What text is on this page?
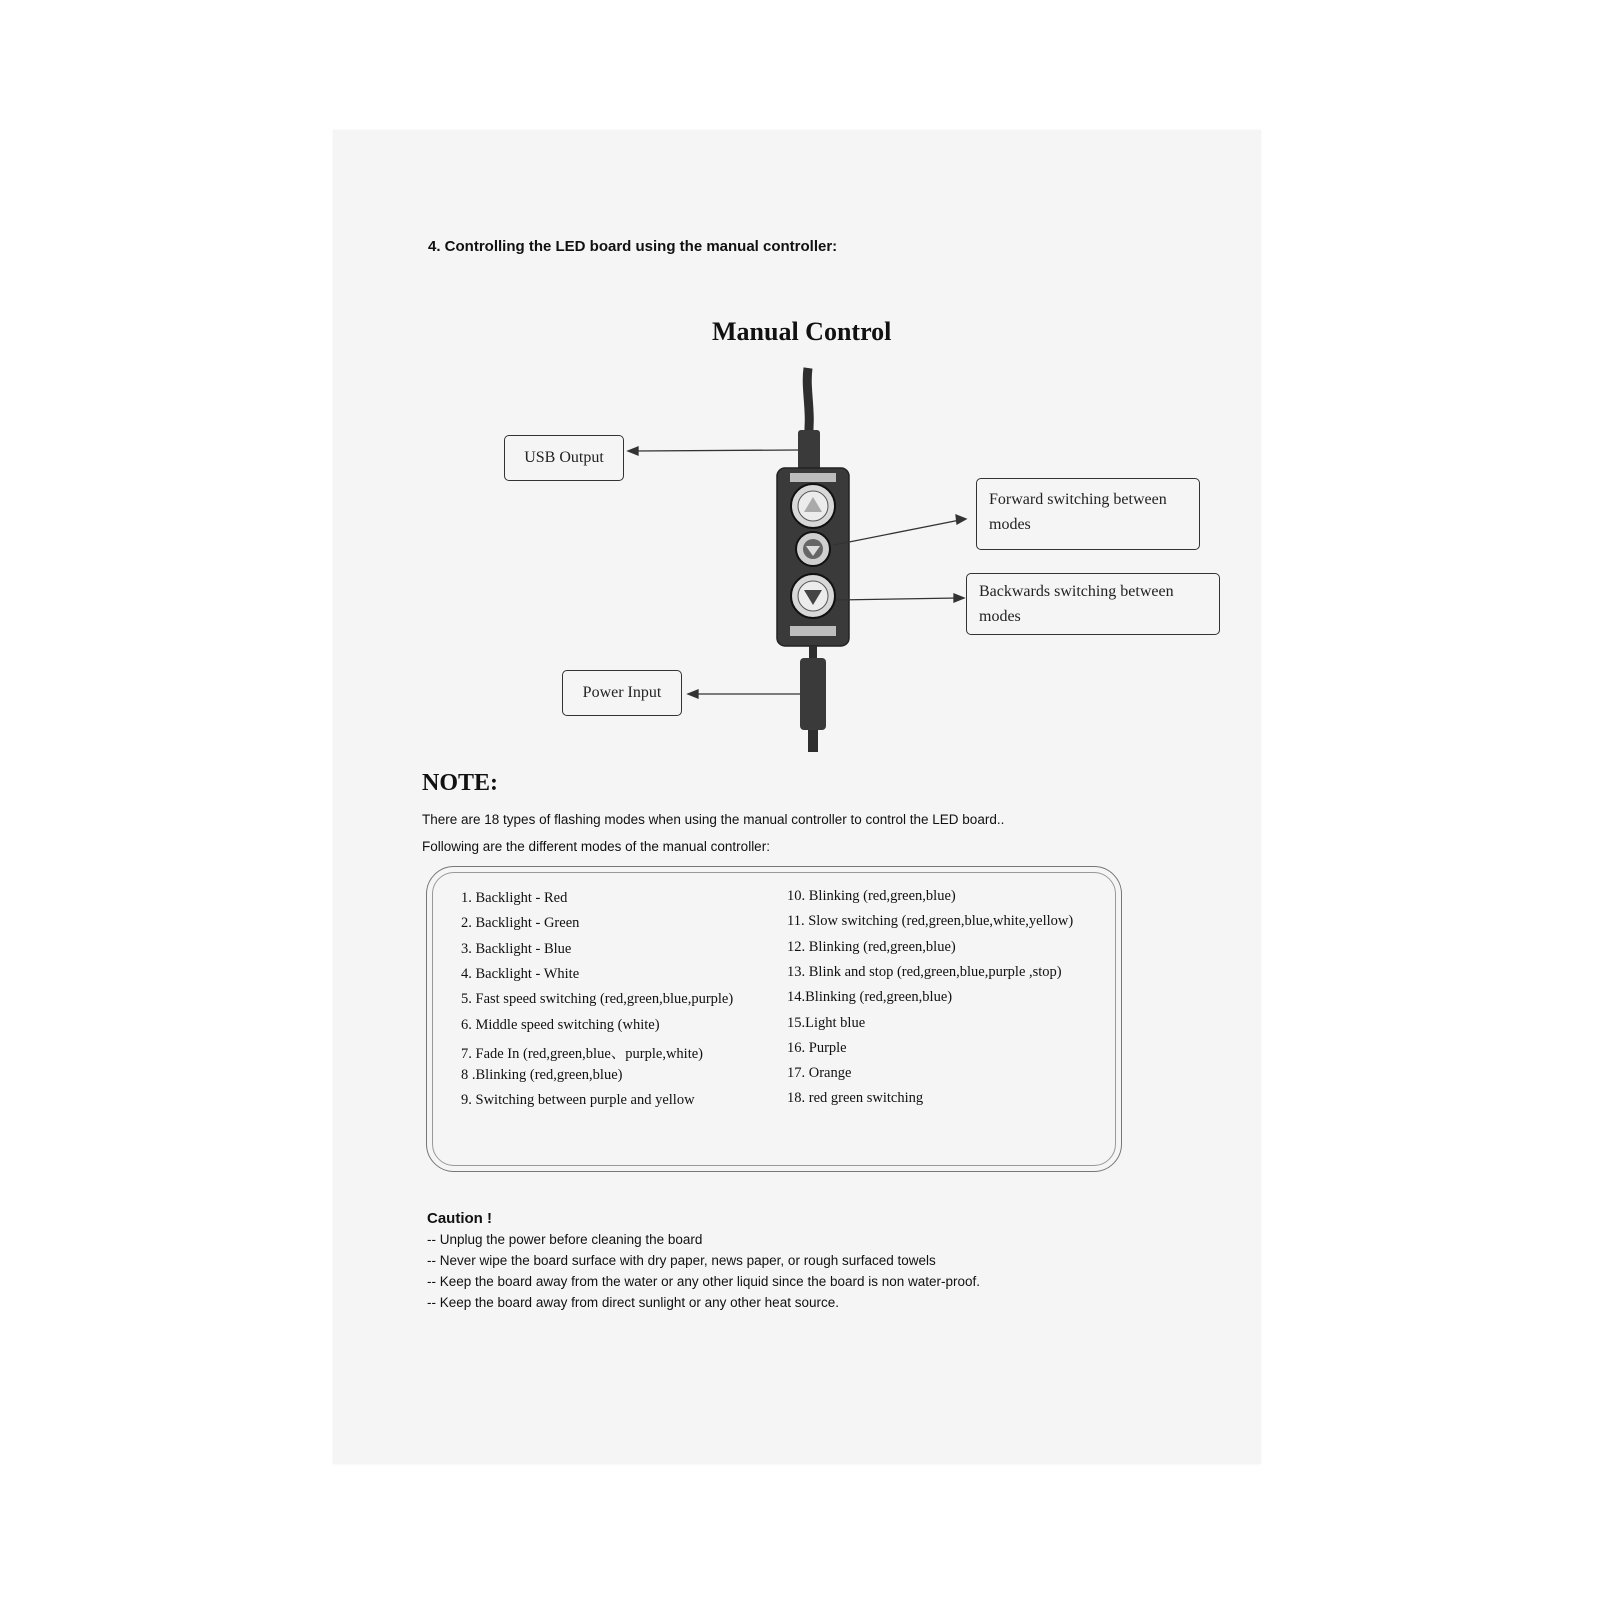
4. Controlling the LED board using the manual controller:
Manual Control
USB Output
Forward switching between
modes
Backwards switching between
modes
Power Input
NOTE:
There are 18 types of flashing modes when using the manual controller to control the LED board..
Following are the different modes of the manual controller:
1. Backlight - Red
2. Backlight - Green
3. Backlight - Blue
4. Backlight - White
5. Fast speed switching (red,green,blue,purple)
6. Middle speed switching (white)
7. Fade In (red,green,blue、purple,white)
8 .Blinking (red,green,blue)
9. Switching between purple and yellow
10. Blinking (red,green,blue)
11. Slow switching (red,green,blue,white,yellow)
12. Blinking (red,green,blue)
13. Blink and stop (red,green,blue,purple ,stop)
14.Blinking (red,green,blue)
15.Light blue
16. Purple
17. Orange
18. red green switching
Caution !
-- Unplug the power before cleaning the board
-- Never wipe the board surface with dry paper, news paper, or rough surfaced towels
-- Keep the board away from the water or any other liquid since the board is non water-proof.
-- Keep the board away from direct sunlight or any other heat source.
